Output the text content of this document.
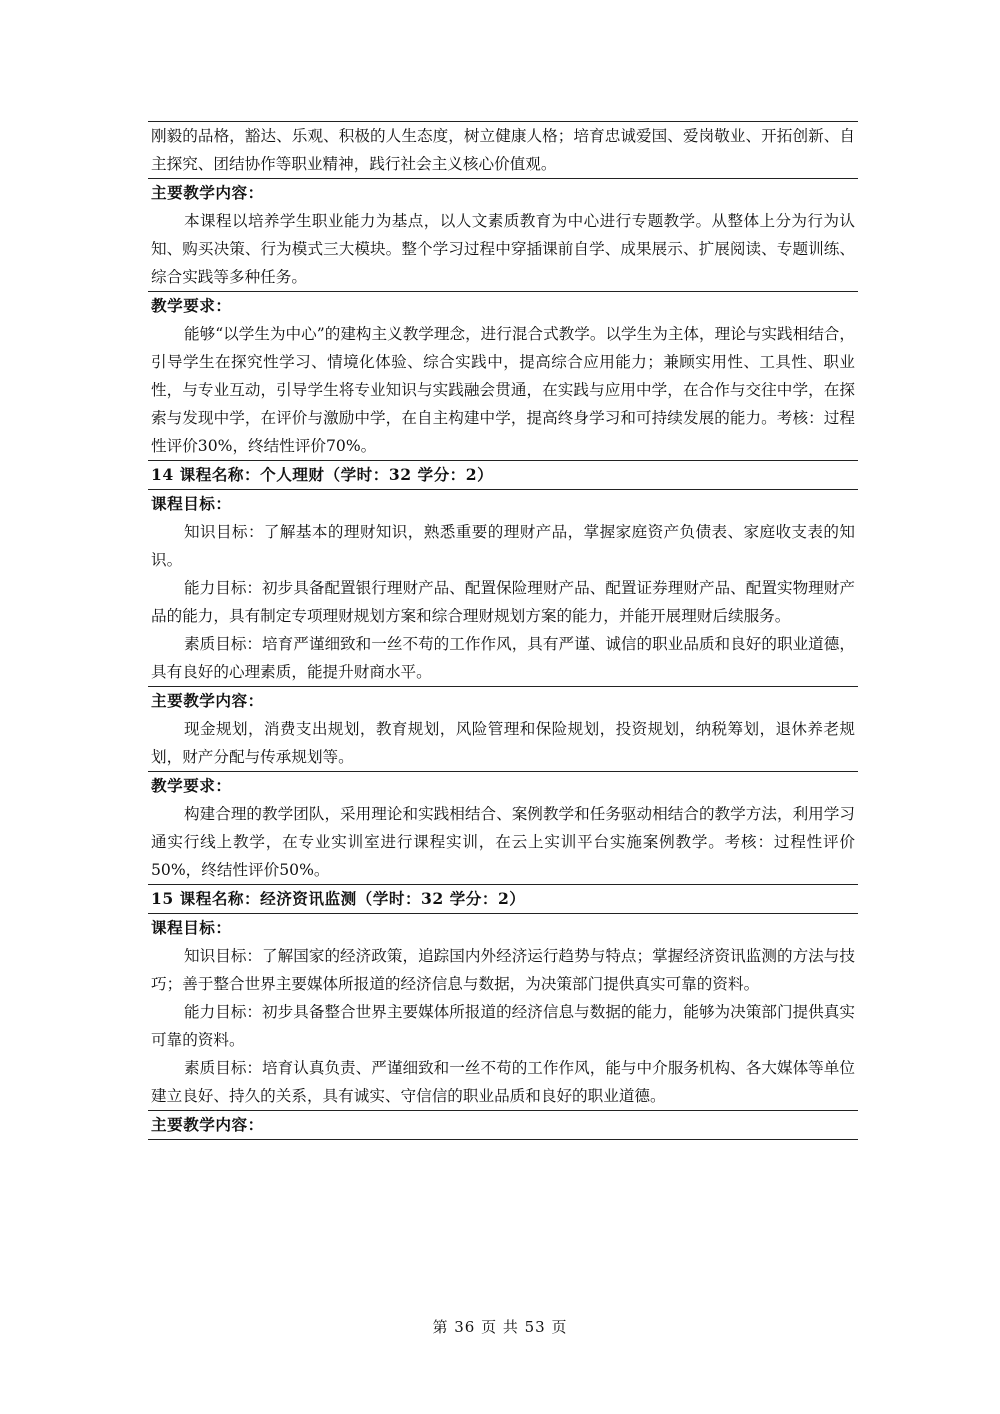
刚毅的品格，豁达、乐观、积极的人生态度，树立健康人格；培育忠诚爱国、爱岗敬业、开拓创新、自主探究、团结协作等职业精神，践行社会主义核心价值观。

主要教学内容：

本课程以培养学生职业能力为基点，以人文素质教育为中心进行专题教学。从整体上分为行为认知、购买决策、行为模式三大模块。整个学习过程中穿插课前自学、成果展示、扩展阅读、专题训练、综合实践等多种任务。

教学要求：

能够“以学生为中心”的建构主义教学理念，进行混合式教学。以学生为主体，理论与实践相结合，引导学生在探究性学习、情境化体验、综合实践中，提高综合应用能力；兼顾实用性、工具性、职业性，与专业互动，引导学生将专业知识与实践融会贯通，在实践与应用中学，在合作与交往中学，在探索与发现中学，在评价与激励中学，在自主构建中学，提高终身学习和可持续发展的能力。考核：过程性评价30%，终结性评价70%。

14 课程名称：个人理财（学时：32 学分：2）

课程目标：

知识目标：了解基本的理财知识，熟悉重要的理财产品，掌握家庭资产负债表、家庭收支表的知识。

能力目标：初步具备配置银行理财产品、配置保险理财产品、配置证券理财产品、配置实物理财产品的能力，具有制定专项理财规划方案和综合理财规划方案的能力，并能开展理财后续服务。

素质目标：培育严谨细致和一丝不苟的工作作风，具有严谨、诚信的职业品质和良好的职业道德，具有良好的心理素质，能提升财商水平。

主要教学内容：

现金规划，消费支出规划，教育规划，风险管理和保险规划，投资规划，纳税筹划，退休养老规划，财产分配与传承规划等。

教学要求：

构建合理的教学团队，采用理论和实践相结合、案例教学和任务驱动相结合的教学方法，利用学习通实行线上教学，在专业实训室进行课程实训，在云上实训平台实施案例教学。考核：过程性评价50%，终结性评价50%。

15 课程名称：经济资讯监测（学时：32 学分：2）

课程目标：

知识目标：了解国家的经济政策，追踪国内外经济运行趋势与特点；掌握经济资讯监测的方法与技巧；善于整合世界主要媒体所报道的经济信息与数据，为决策部门提供真实可靠的资料。

能力目标：初步具备整合世界主要媒体所报道的经济信息与数据的能力，能够为决策部门提供真实可靠的资料。

素质目标：培育认真负责、严谨细致和一丝不苟的工作作风，能与中介服务机构、各大媒体等单位建立良好、持久的关系，具有诚实、守信信的职业品质和良好的职业道德。

主要教学内容：

第 36 页 共 53 页
